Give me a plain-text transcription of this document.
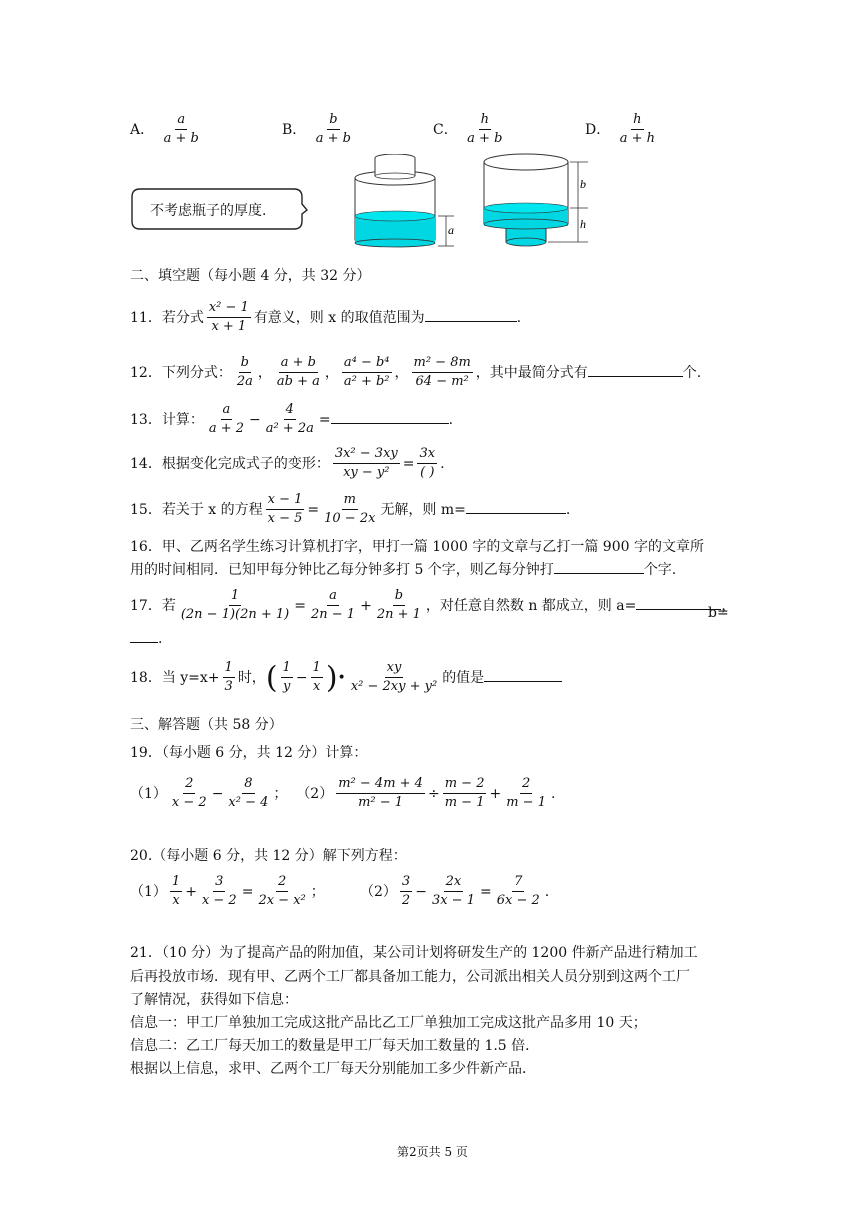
A． $\frac{a}{a + b}$	B． $\frac{b}{a + b}$	C． $\frac{h}{a + b}$	D． $\frac{h}{a + h}$
不考虑瓶子的厚度.
a
b
h
二、填空题（每小题 4 分，共 32 分）
11．若分式 $\frac{\text{x² − 1}}{x + 1}$ 有意义，则 x 的取值范围为	.
12．下列分式： $\frac{b}{2a}$ ， $\frac{a + b}{ab + a}$ ， $\frac{\text{a⁴ − b⁴}}{\text{a² + b²}}$ ， $\frac{\text{m² − 8m}}{\text{64 − m²}}$ ，其中最简分式有	个.
13．计算： $\frac{a}{a + 2} - \frac{4}{\text{a² + 2a}}$ =	.
14．根据变化完成式子的变形： $\frac{\text{3x² − 3xy}}{\text{xy − y²}} = \frac{3x}{( )}$ .
15．若关于 x 的方程 $\frac{x - 1}{x - 5} = \frac{m}{10 - 2x}$ 无解，则 m=	.
16．甲、乙两名学生练习计算机打字，甲打一篇 1000 字的文章与乙打一篇 900 字的文章所
用的时间相同．已知甲每分钟比乙每分钟多打 5 个字，则乙每分钟打	个字.
17．若 $\frac{1}{(2n - 1)(2n + 1)} = \frac{a}{2n - 1} + \frac{b}{2n + 1}$ ，对任意自然数 n 都成立，则 a=	，
b=
.
18．当 $y=x+ \frac{1}{3}$ 时，( $\frac{1}{y} - \frac{1}{x}$ )• $\frac{xy}{\text{x² − 2xy + y²}}$ 的值是
三、解答题（共 58 分）
19．（每小题 6 分，共 12 分）计算：
$(1) \frac{2}{x - 2} - \frac{8}{\text{x² − 4}}$ ； $(2) \frac{\text{m² − 4m + 4}}{\text{m² − 1}} \div \frac{m - 2}{m - 1} + \frac{2}{m - 1}$ .
20.（每小题 6 分，共 12 分）解下列方程：
$(1) \frac{1}{x} + \frac{3}{x - 2} = \frac{2}{\text{2x − x²}}$ ；	$(2) \frac{3}{2} - \frac{2x}{3x - 1} = \frac{7}{6x - 2}$ .
21．（10 分）为了提高产品的附加值，某公司计划将研发生产的 1200 件新产品进行精加工
后再投放市场．现有甲、乙两个工厂都具备加工能力，公司派出相关人员分别到这两个工厂
了解情况，获得如下信息：
信息一：甲工厂单独加工完成这批产品比乙工厂单独加工完成这批产品多用 10 天；
信息二：乙工厂每天加工的数量是甲工厂每天加工数量的 1.5 倍．
根据以上信息，求甲、乙两个工厂每天分别能加工多少件新产品．
第2页共 5 页
